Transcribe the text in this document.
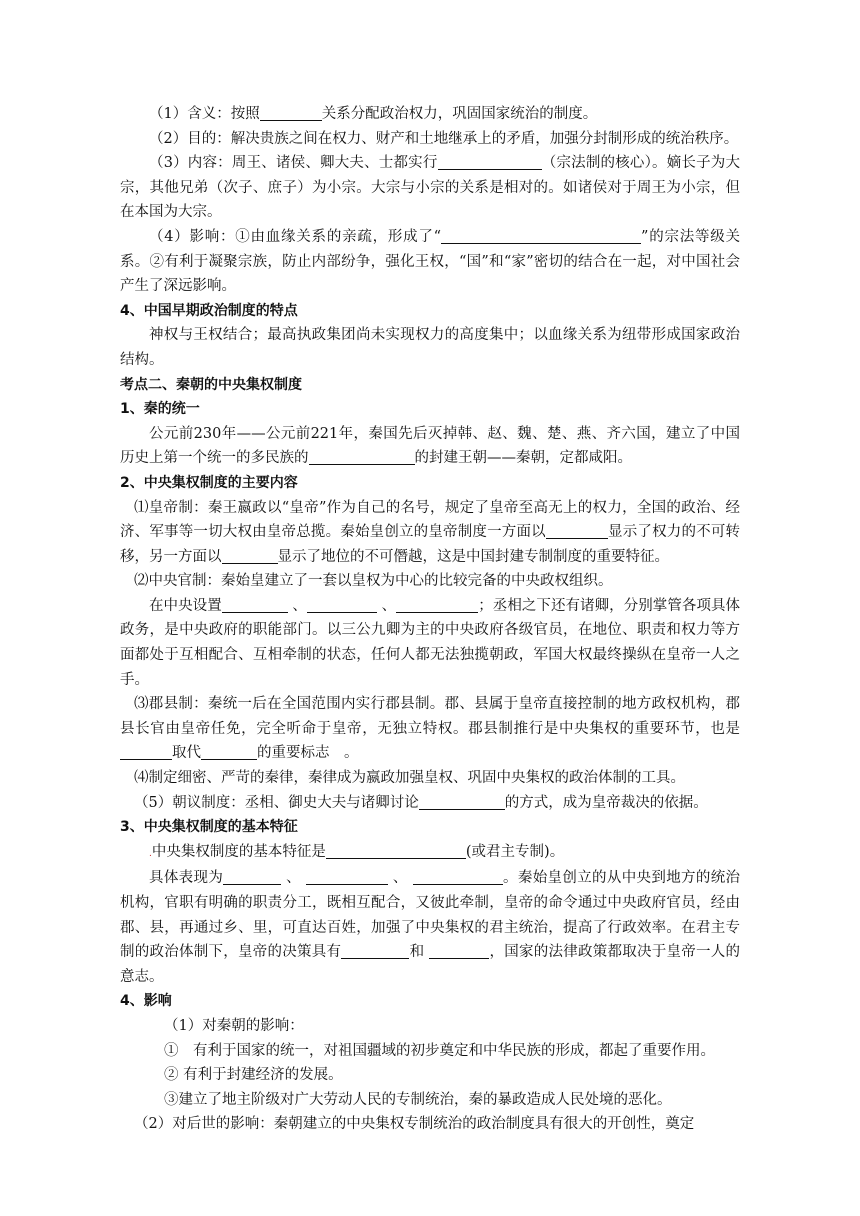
（1）含义：按照	关系分配政治权力，巩固国家统治的制度。

（2）目的：解决贵族之间在权力、财产和土地继承上的矛盾，加强分封制形成的统治秩序。

（3）内容：周王、诸侯、卿大夫、士都实行	（宗法制的核心）。嫡长子为大宗，其他兄弟（次子、庶子）为小宗。大宗与小宗的关系是相对的。如诸侯对于周王为小宗，但在本国为大宗。

（4）影响：①由血缘关系的亲疏，形成了“	”的宗法等级关系。②有利于凝聚宗族，防止内部纷争，强化王权，“国”和“家”密切的结合在一起，对中国社会产生了深远影响。

4、中国早期政治制度的特点

神权与王权结合；最高执政集团尚未实现权力的高度集中；以血缘关系为纽带形成国家政治结构。

考点二、秦朝的中央集权制度

1、秦的统一

公元前230年——公元前221年，秦国先后灭掉韩、赵、魏、楚、燕、齐六国，建立了中国历史上第一个统一的多民族的	的封建王朝——秦朝，定都咸阳。

2、中央集权制度的主要内容

⑴皇帝制：秦王嬴政以“皇帝”作为自己的名号，规定了皇帝至高无上的权力，全国的政治、经济、军事等一切大权由皇帝总揽。秦始皇创立的皇帝制度一方面以	显示了权力的不可转移，另一方面以	显示了地位的不可僭越，这是中国封建专制制度的重要特征。

⑵中央官制：秦始皇建立了一套以皇权为中心的比较完备的中央政权组织。

在中央设置	、	、	；丞相之下还有诸卿，分别掌管各项具体政务，是中央政府的职能部门。以三公九卿为主的中央政府各级官员，在地位、职责和权力等方面都处于互相配合、互相牵制的状态，任何人都无法独揽朝政，军国大权最终操纵在皇帝一人之手。

⑶郡县制：秦统一后在全国范围内实行郡县制。郡、县属于皇帝直接控制的地方政权机构，郡县长官由皇帝任免，完全听命于皇帝，无独立特权。郡县制推行是中央集权的重要环节，也是取代	的重要标志　。

⑷制定细密、严苛的秦律，秦律成为嬴政加强皇权、巩固中央集权的政治体制的工具。

（5）朝议制度：丞相、御史大夫与诸卿讨论	的方式，成为皇帝裁决的依据。

3、中央集权制度的基本特征

.中央集权制度的基本特征是	(或君主专制)。

具体表现为	、	、	。秦始皇创立的从中央到地方的统治机构，官职有明确的职责分工，既相互配合，又彼此牵制，皇帝的命令通过中央政府官员，经由郡、县，再通过乡、里，可直达百姓，加强了中央集权的君主统治，提高了行政效率。在君主专制的政治体制下，皇帝的决策具有	和	，国家的法律政策都取决于皇帝一人的意志。

4、影响

（1）对秦朝的影响：

①　有利于国家的统一，对祖国疆域的初步奠定和中华民族的形成，都起了重要作用。

② 有利于封建经济的发展。

③建立了地主阶级对广大劳动人民的专制统治，秦的暴政造成人民处境的恶化。

（2）对后世的影响：秦朝建立的中央集权专制统治的政治制度具有很大的开创性，奠定
